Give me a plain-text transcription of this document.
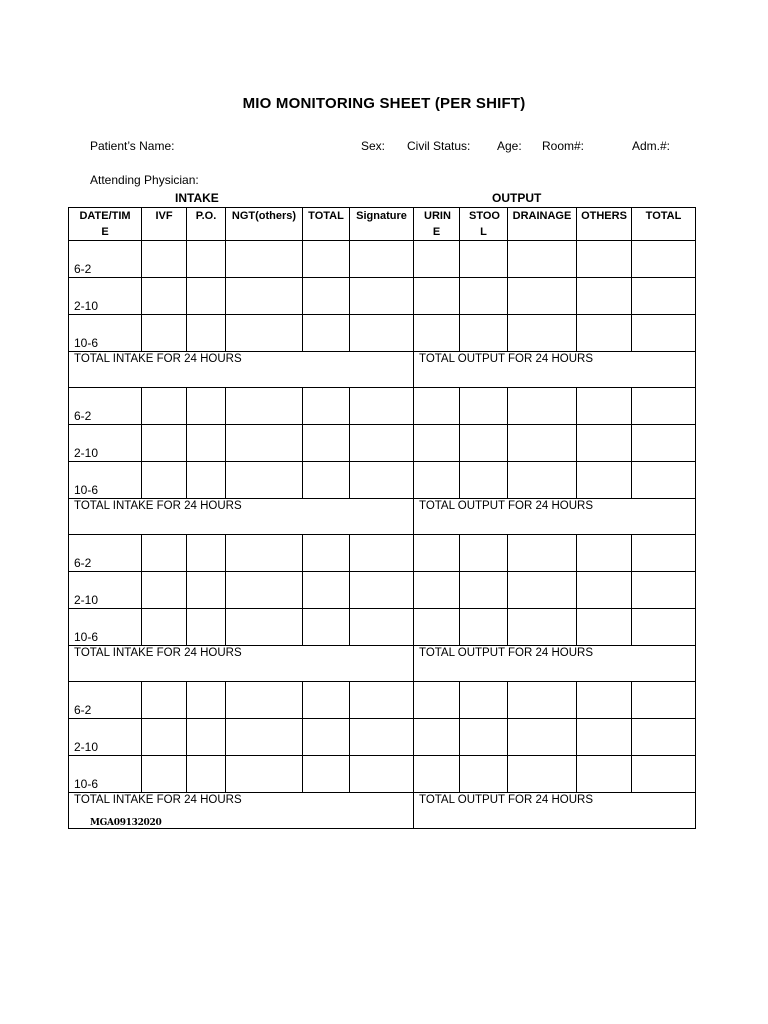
MIO MONITORING SHEET (PER SHIFT)
Patient’s Name:	Sex: Civil Status: Age: Room#:	Adm.#:
Attending Physician:
INTAKE	OUTPUT
DATE/TIM E	IVF	P.O.	NGT(others)	TOTAL	Signature	URIN E	STOO L	DRAINAGE	OTHERS	TOTAL
6-2										
2-10										
10-6										
TOTAL INTAKE FOR 24 HOURS						TOTAL OUTPUT FOR 24 HOURS				
6-2										
2-10										
10-6										
TOTAL INTAKE FOR 24 HOURS						TOTAL OUTPUT FOR 24 HOURS				
6-2										
2-10										
10-6										
TOTAL INTAKE FOR 24 HOURS						TOTAL OUTPUT FOR 24 HOURS				
6-2										
2-10										
10-6										
TOTAL INTAKE FOR 24 HOURS						TOTAL OUTPUT FOR 24 HOURS				
MGA09132020
